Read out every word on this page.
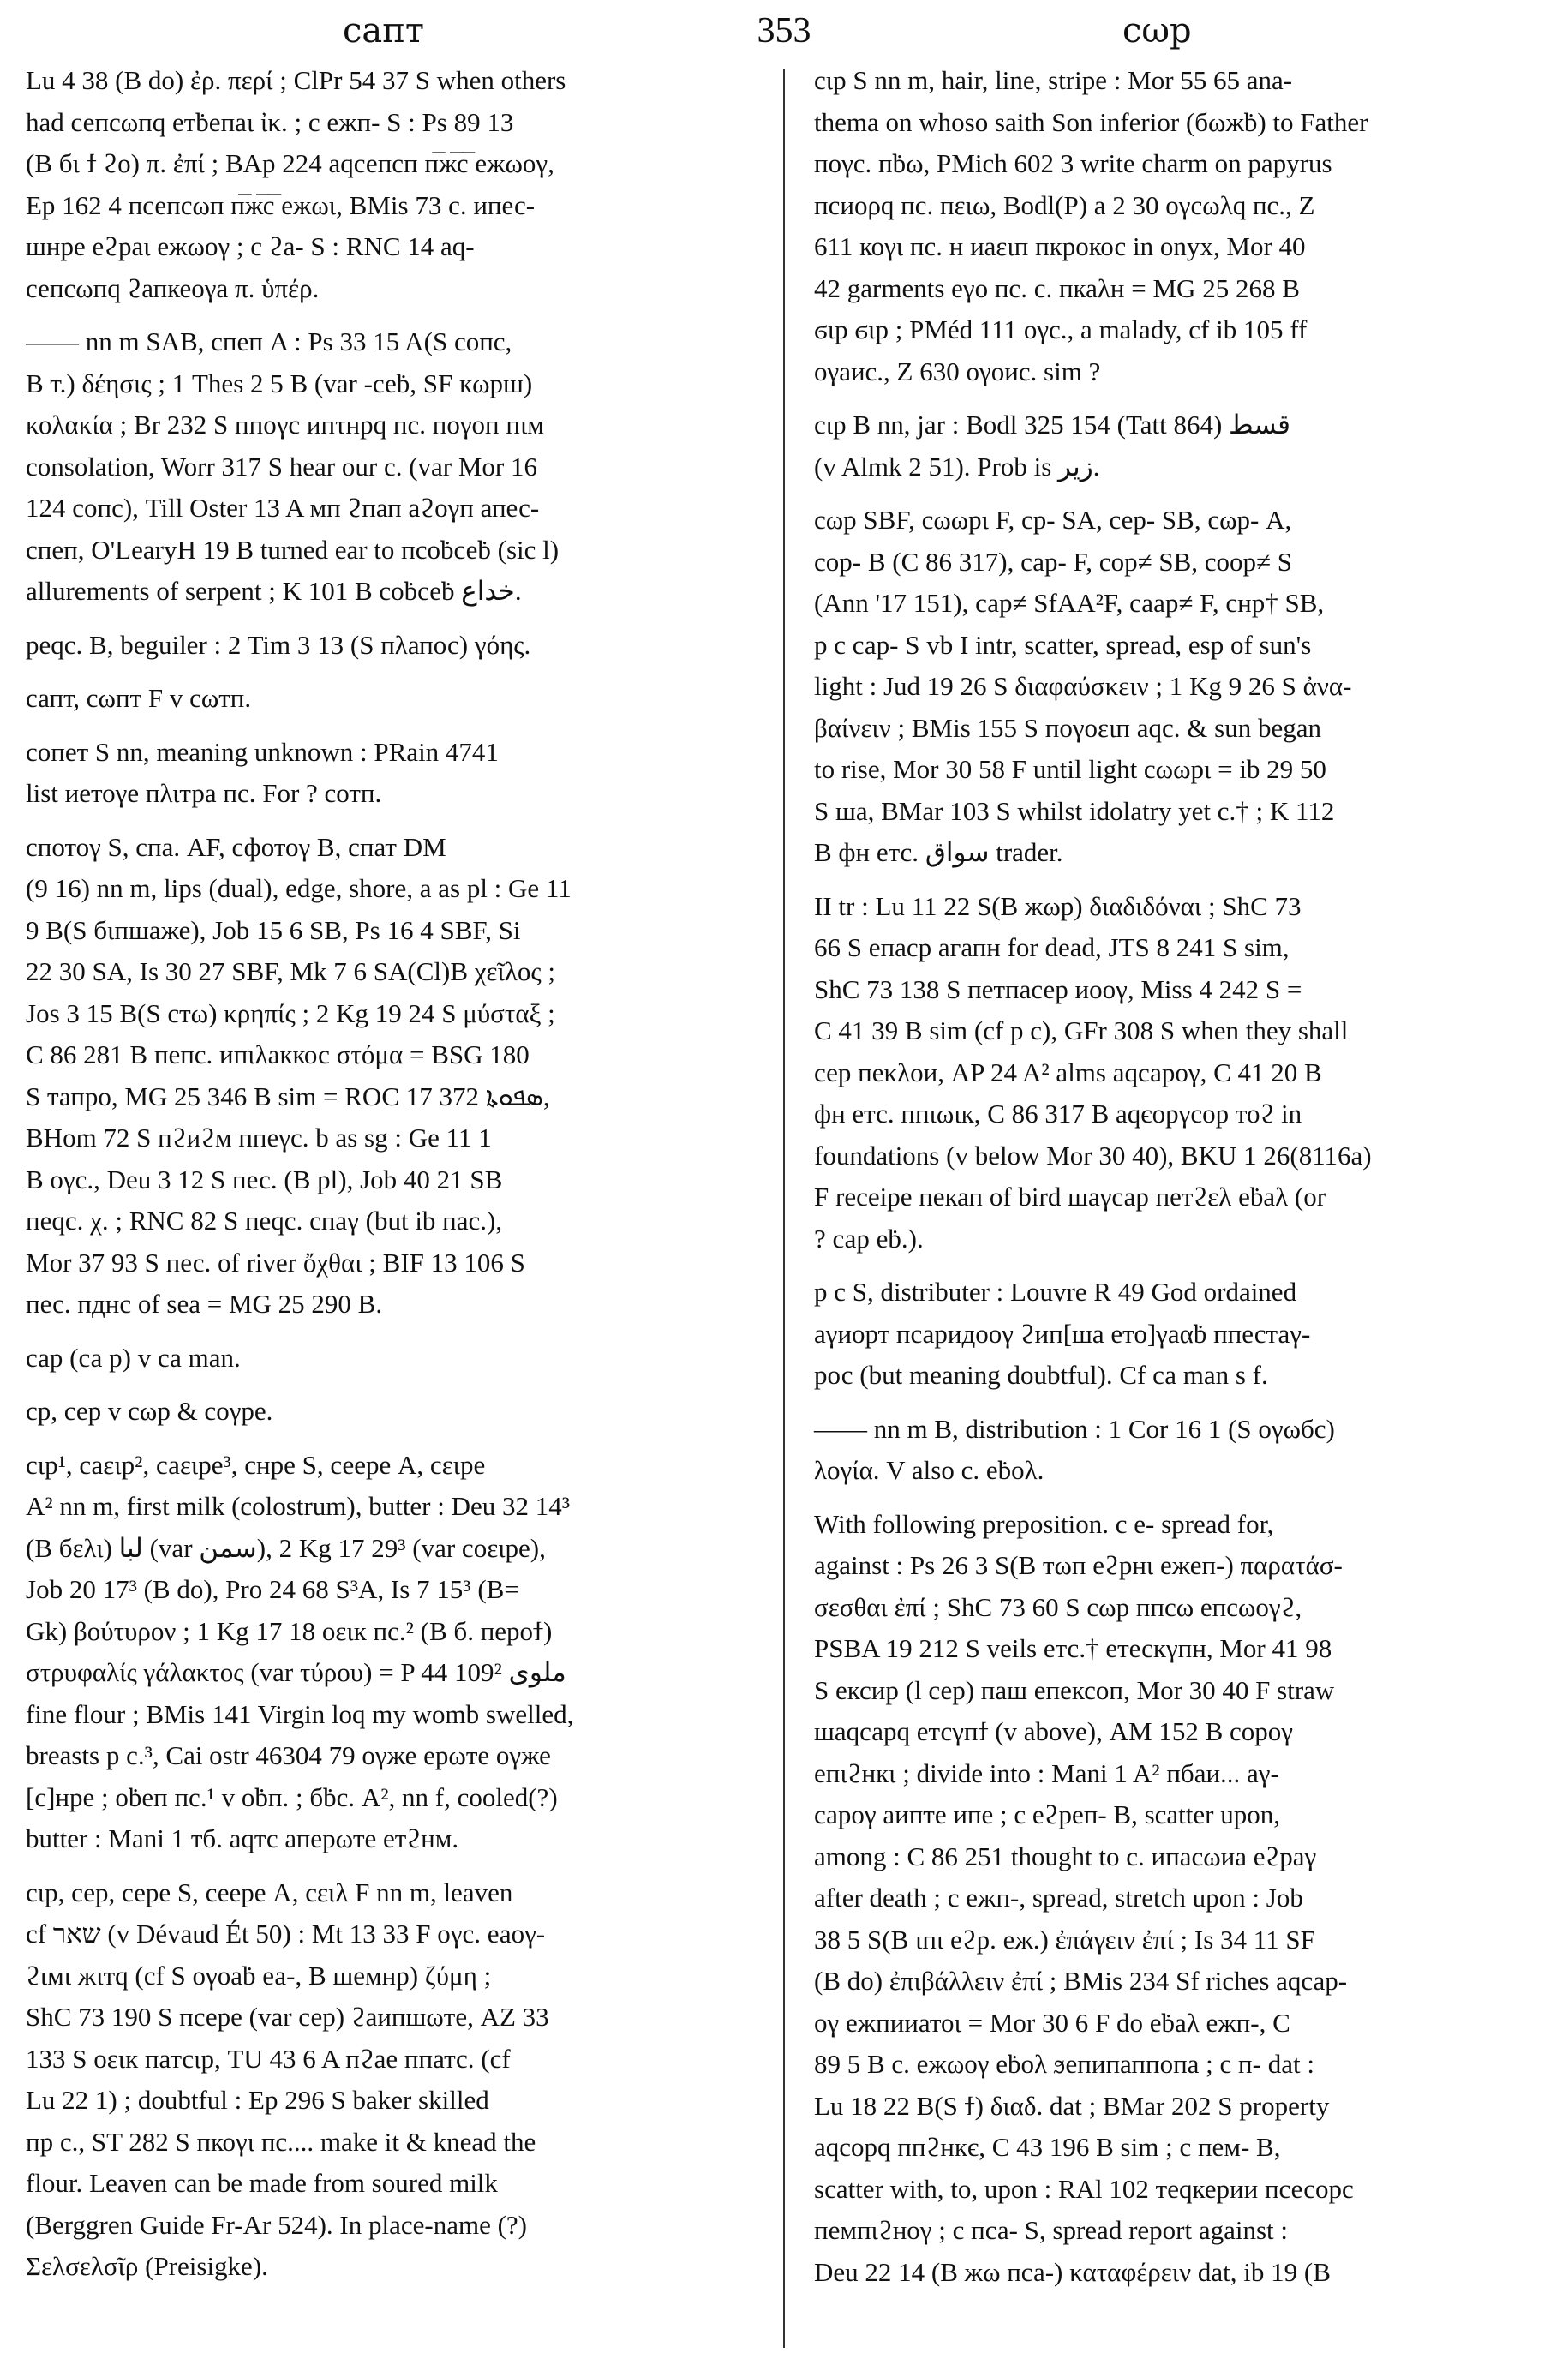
сапт	353	cωp

Lu 4 38 (B do) ἐρ. περί ; ClPr 54 37 S when others
had сепсωпq етḃепаι ἰκ. ; c ежп- S : Ps 89 13
(B бι ϯ ϩο) π. ἐπί ; BAp 224 аqсепсп п̅ж̅с̅ ежωоγ,
Ep 162 4 псепсωп п̅ж̅с̅ ежωι, BMis 73 c. ипес-
шнре еϩраι ежωоγ ; c ϩа- S : RNC 14 аq-
сепсωпq ϩапкеоγа π. ὑπέρ.

—— nn m SAB, спеп A : Ps 33 15 A(S сопс,
B т.) δέησις ; 1 Thes 2 5 B (var -сеḃ, SF кωрш)
κολακία ; Br 232 S ппоγс ипτнрq пс. поγоп пιм
consolation, Worr 317 S hear our c. (var Mor 16
124 сопс), Till Oster 13 A мп ϩпап аϩоγп апес-
спеп, O'LearyH 19 B turned ear to псоḃсеḃ (sic l)
allurements of serpent ; K 101 B соḃсеḃ خداع.

реqс. B, beguiler : 2 Tim 3 13 (S пλапос) γόης.

сапт, сωпт F v сωтп.

сопет S nn, meaning unknown : PRain 4741
list иетоγе пλιтра пс. For ? сотп.

спотоγ S, спа. AF, сфотоγ B, спат DM
(9 16) nn m, lips (dual), edge, shore, a as pl : Ge 11
9 B(S бιпшаже), Job 15 6 SB, Ps 16 4 SBF, Si
22 30 SA, Is 30 27 SBF, Mk 7 6 SA(Cl)B χεῖλος ;
Jos 3 15 B(S стω) κρηπίς ; 2 Kg 19 24 S μύσταξ ;
C 86 281 B пепс. ипιλаккос στόμα = BSG 180
S тапро, MG 25 346 B sim = ROC 17 372 ܣܦܘܬܐ,
BHom 72 S пϩиϩм ппеγс. b as sg : Ge 11 1
B оγс., Deu 3 12 S пес. (B pl), Job 40 21 SB
пеqс. χ. ; RNC 82 S пеqс. спаγ (but ib пас.),
Mor 37 93 S пес. of river ὄχθαι ; BIF 13 106 S
пес. пднс of sea = MG 25 290 B.

сар (са р) v са man.

ср, сер v сωр & соγре.

сιр¹, саειр², саειре³, снре S, сеере A, сειре
A² nn m, first milk (colostrum), butter : Deu 32 14³
(B бελι) لبا (var سمن), 2 Kg 17 29³ (var соειре),
Job 20 17³ (B do), Pro 24 68 S³A, Is 7 15³ (B=
Gk) βούτυρον ; 1 Kg 17 18 оειк пс.² (B б. пероϯ)
στρυφαλίς γάλακτος (var τύρου) = P 44 109² ملوى
fine flour ; BMis 141 Virgin loq my womb swelled,
breasts p c.³, Cai ostr 46304 79 оγже ерωте оγже
[с]нре ; оḃеп пс.¹ v оḃп. ; бḃс. A², nn f, cooled(?)
butter : Mani 1 тб. аqтс аперωте етϩнм.

сιр, сер, сере S, сеере A, сειλ F nn m, leaven
cf שאר (v Dévaud Ét 50) : Mt 13 33 F оγс. еаоγ-
ϩιмι жιтq (cf S оγоаḃ еа-, B шемнр) ζύμη ;
ShC 73 190 S псере (var сер) ϩаипшωте, AZ 33
133 S оειк патсιр, TU 43 6 A пϩае ппатс. (cf
Lu 22 1) ; doubtful : Ep 296 S baker skilled
пр с., ST 282 S пкоγι пс.... make it & knead the
flour. Leaven can be made from soured milk
(Berggren Guide Fr-Ar 524). In place-name (?)
Σελσελσῖρ (Preisigke).

сιр S nn m, hair, line, stripe : Mor 55 65 ana-
thema on whoso saith Son inferior (бωжḃ) to Father
поγс. пḃω, PMich 602 3 write charm on papyrus
псиορq пс. пειω, Bodl(P) a 2 30 оγсωλq пс., Z
611 коγι пс. н иаειп пкрокос in onyx, Mor 40
42 garments еγо пс. с. пкаλн = MG 25 268 B
ϭιр ϭιр ; PMéd 111 оγс., a malady, cf ib 105 ff
оγаис., Z 630 оγоис. sim ?

сιр B nn, jar : Bodl 325 154 (Tatt 864) قسط
(v Almk 2 51). Prob is زير.

сωр SBF, сωωрι F, ср- SA, сер- SB, сωр- A,
сор- B (C 86 317), сар- F, сор≠ SB, соор≠ S
(Ann '17 151), сар≠ SfAA²F, саар≠ F, снр† SB,
p c сар- S vb I intr, scatter, spread, esp of sun's
light : Jud 19 26 S διαφαύσκειν ; 1 Kg 9 26 S ἀνα-
βαίνειν ; BMis 155 S поγоειп аqс. & sun began
to rise, Mor 30 58 F until light сωωрι = ib 29 50
S ша, BMar 103 S whilst idolatry yet с.† ; K 112
B фн етс. سواق trader.

II tr : Lu 11 22 S(B жωр) διαδιδόναι ; ShC 73
66 S епаср агапн for dead, JTS 8 241 S sim,
ShC 73 138 S петпасер иооγ, Miss 4 242 S =
C 41 39 B sim (cf p c), GFr 308 S when they shall
сер пеκλои, AP 24 A² alms аqсароγ, C 41 20 B
фн етс. ппιωιк, C 86 317 B аqєорγсор тоϩ in
foundations (v below Mor 30 40), BKU 1 26(8116a)
F receipe пекап of bird шаγсар петϩελ еḃаλ (or
? сар еḃ.).

p c S, distributer : Louvre R 49 God ordained
аγиорт псаридооγ ϩип[ша ето]γаαḃ ппестаγ-
рос (but meaning doubtful). Cf са man s f.

—— nn m B, distribution : 1 Cor 16 1 (S оγωбс)
λογία. V also с. еḃоλ.

With following preposition. с е- spread for,
against : Ps 26 3 S(B тωп еϩрнι ежеп-) παρατάσ-
σεσθαι ἐπί ; ShC 73 60 S сωр ппсω епсωоγϩ,
PSBA 19 212 S veils етс.† етескγпн, Mor 41 98
S ексир (l сер) паш епексоп, Mor 30 40 F straw
шаqсарq етсγпϯ (v above), AM 152 B сороγ
епιϩнкι ; divide into : Mani 1 A² пбаи... аγ-
сароγ аипте ипе ; с еϩреп- B, scatter upon,
among : C 86 251 thought to с. ипасωиа еϩраγ
after death ; с ежп-, spread, stretch upon : Job
38 5 S(B ιпι еϩр. еж.) ἐπάγειν ἐπί ; Is 34 11 SF
(B do) ἐπιβάλλειν ἐπί ; BMis 234 Sf riches аqсар-
оγ ежпииатоι = Mor 30 6 F do еḃаλ ежп-, C
89 5 B с. ежωоγ еḃоλ ϧепипаппопа ; с п- dat :
Lu 18 22 B(S ϯ) διαδ. dat ; BMar 202 S property
аqсорq ппϩнкє, C 43 196 B sim ; с пем- B,
scatter with, to, upon : RAl 102 теqкерии псесорс
пемпιϩноγ ; с пса- S, spread report against :
Deu 22 14 (B жω пса-) καταφέρειν dat, ib 19 (B
